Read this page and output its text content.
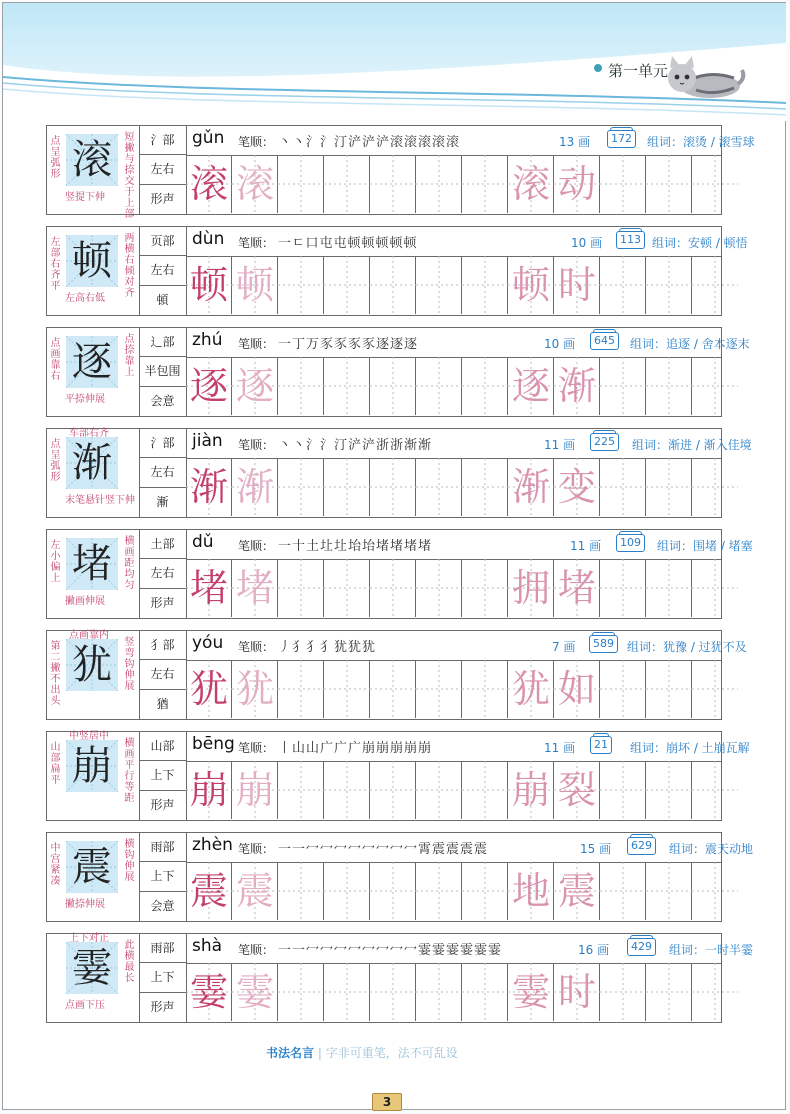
第一单元
滚
点呈弧形
短撇与捺交于上部
竖提下伸
氵部
左右
形声
gǔn 笔顺： 丶丶氵氵汀浐浐浐滚滚滚滚滚	13 画	172	组词：滚烫 / 滚雪球
滚 滚	滚 动
顿
左部右齐平
两横右倾对齐
左高右低
页部
左右
頓
dùn 笔顺： 一ㄷ口屯屯顿顿顿顿顿	10 画	113 组词：安顿 / 顿悟
顿 顿	顿 时
逐
点画靠右
点捺靠上
平捺伸展
辶部
半包围
会意
zhú 笔顺： 一丁万豕豕豕豕逐逐逐	10 画	645	组词：追逐 / 舍本逐末
逐 逐	逐 渐
渐
点呈弧形
末笔悬针竖下伸
车部右齐
氵部
左右
漸
jiàn 笔顺： 丶丶氵氵汀浐浐浙浙渐渐	11 画	225	组词：渐进 / 渐入佳境
渐 渐	渐 变
堵
左小偏上
横画距均匀
撇画伸展
土部
左右
形声
dǔ 笔顺： 一十土圵圵坮坮堵堵堵堵	11 画	109	组词：围堵 / 堵塞
堵 堵	拥 堵
犹
第二撇不出头
竖弯钩伸展
点画靠内
犭部
左右
猶
yóu 笔顺： 丿犭犭犭犹犹犹	7 画	589	组词：犹豫 / 过犹不及
犹 犹	犹 如
崩
山部扁平
横画平行等距
中竖居中
山部
上下
形声
bēng 笔顺： 丨山山广广广崩崩崩崩崩	11 画	21	组词：崩坏 / 土崩瓦解
崩 崩	崩 裂
震
中宫紧凑
横钩伸展
撇捺伸展
雨部
上下
会意
zhèn 笔顺： 一一冖冖冖冖冖冖冖冖霄震震震震	15 画	629	组词：震天动地
震 震	地 震
霎	此横最长
点画下压
上下对正
雨部
上下
形声
shà 笔顺： 一一冖冖冖冖冖冖冖冖霎霎霎霎霎霎	16 画	429	组词：一时半霎
霎 霎	霎 时
书法名言 | 字非可重笔，法不可乱设
3
